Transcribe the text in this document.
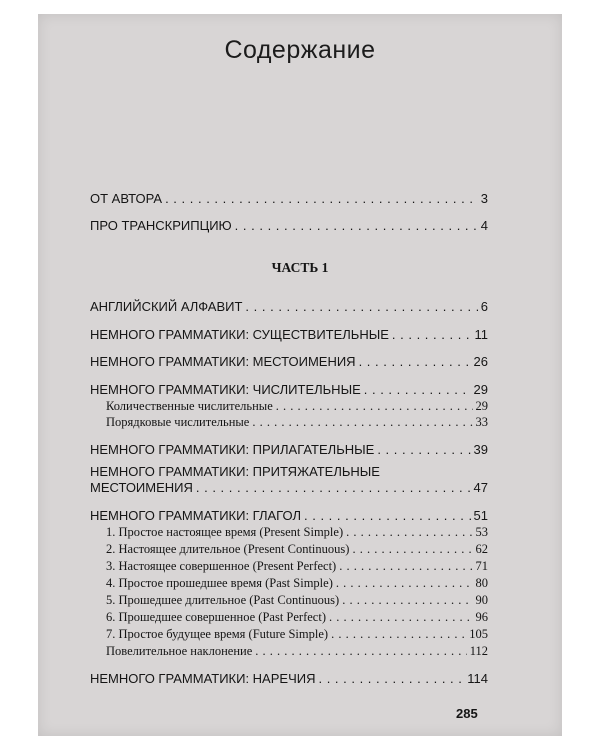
Содержание
ОТ АВТОРА . . .	3
ПРО ТРАНСКРИПЦИЮ . . .	4
ЧАСТЬ 1
АНГЛИЙСКИЙ АЛФАВИТ . . .	6
НЕМНОГО ГРАММАТИКИ: СУЩЕСТВИТЕЛЬНЫЕ . . .	11
НЕМНОГО ГРАММАТИКИ: МЕСТОИМЕНИЯ . . .	26
НЕМНОГО ГРАММАТИКИ: ЧИСЛИТЕЛЬНЫЕ . . .	29
Количественные числительные . . .	29
Порядковые числительные . . .	33
НЕМНОГО ГРАММАТИКИ: ПРИЛАГАТЕЛЬНЫЕ . . .	39
НЕМНОГО ГРАММАТИКИ: ПРИТЯЖАТЕЛЬНЫЕ
МЕСТОИМЕНИЯ . . .	47
НЕМНОГО ГРАММАТИКИ: ГЛАГОЛ . . .	51
1. Простое настоящее время (Present Simple) . . .	53
2. Настоящее длительное (Present Continuous) . . .	62
3. Настоящее совершенное (Present Perfect) . . .	71
4. Простое прошедшее время (Past Simple) . . .	80
5. Прошедшее длительное (Past Continuous) . . .	90
6. Прошедшее совершенное (Past Perfect) . . .	96
7. Простое будущее время (Future Simple) . . .	105
Повелительное наклонение . . .	112
НЕМНОГО ГРАММАТИКИ: НАРЕЧИЯ . . .	114
285
